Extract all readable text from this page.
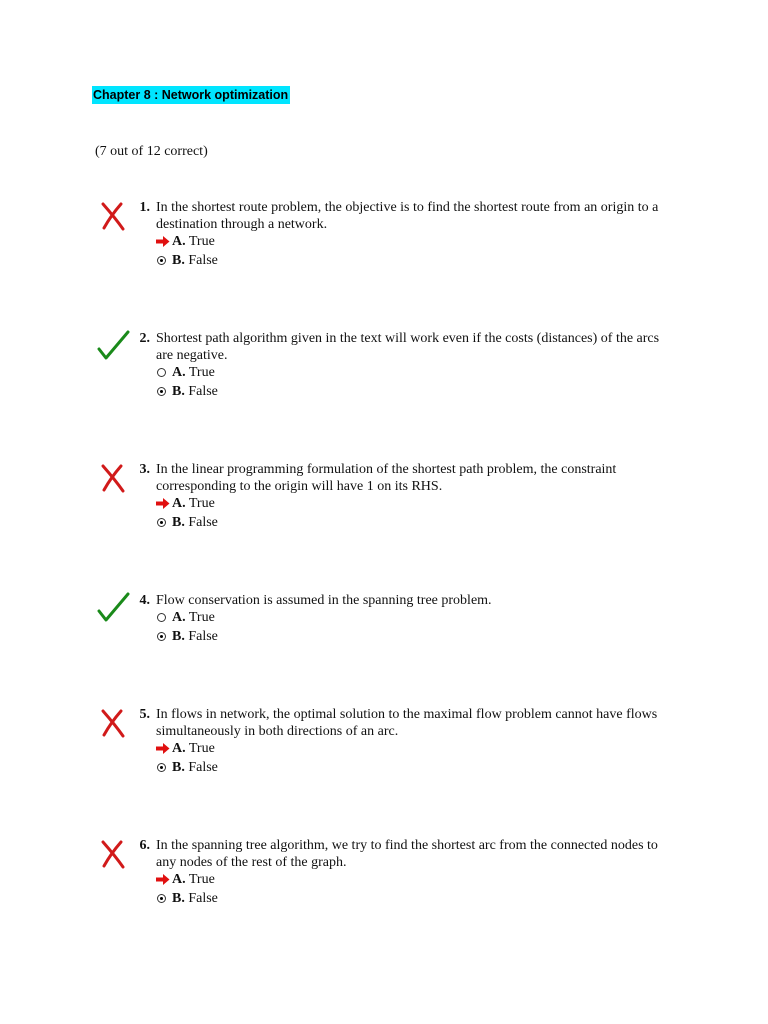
Chapter 8 : Network optimization
(7 out of 12 correct)
1. In the shortest route problem, the objective is to find the shortest route from an origin to a destination through a network.
A. True
B. False
2. Shortest path algorithm given in the text will work even if the costs (distances) of the arcs are negative.
A. True
B. False
3. In the linear programming formulation of the shortest path problem, the constraint corresponding to the origin will have 1 on its RHS.
A. True
B. False
4. Flow conservation is assumed in the spanning tree problem.
A. True
B. False
5. In flows in network, the optimal solution to the maximal flow problem cannot have flows simultaneously in both directions of an arc.
A. True
B. False
6. In the spanning tree algorithm, we try to find the shortest arc from the connected nodes to any nodes of the rest of the graph.
A. True
B. False
